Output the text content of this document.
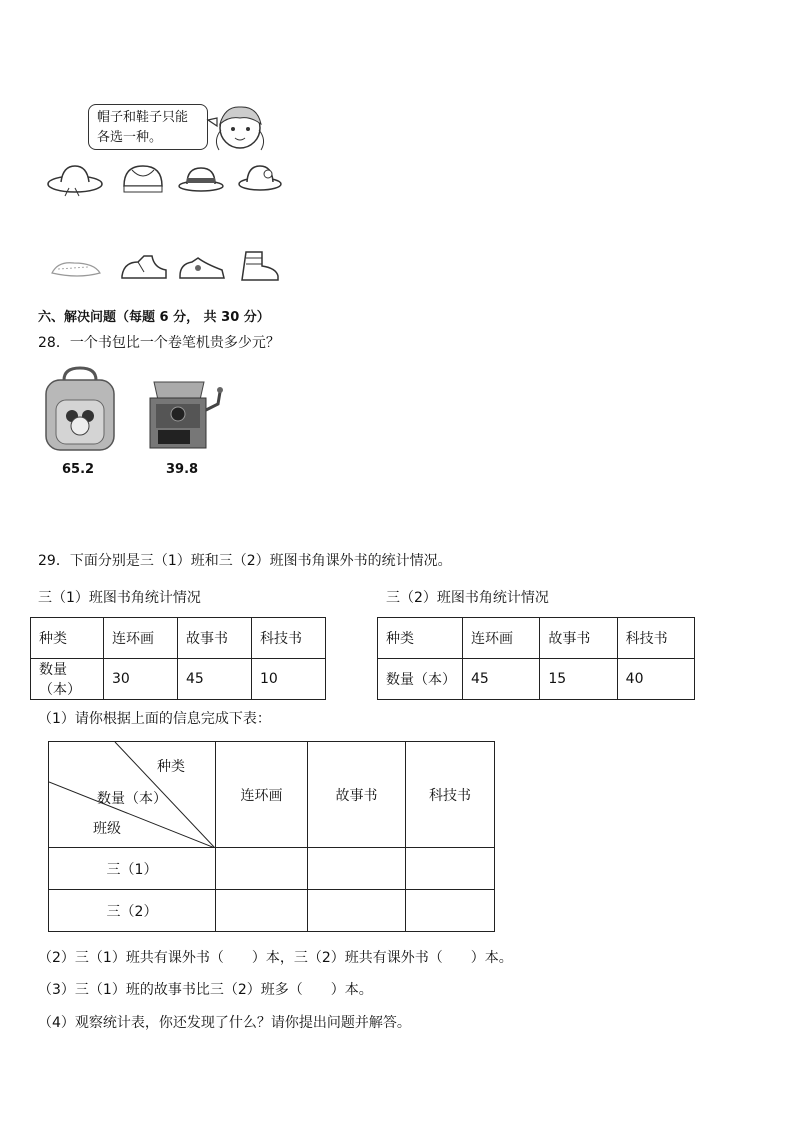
帽子和鞋子只能各选一种。
六、解决问题（每题 6 分， 共 30 分）
28．一个书包比一个卷笔机贵多少元？
65.2	39.8
29．下面分别是三（1）班和三（2）班图书角课外书的统计情况。
三（1）班图书角统计情况	三（2）班图书角统计情况
种类	连环画	故事书	科技书
数量（本）	30	45	10
种类	连环画	故事书	科技书
数量（本）	45	15	40
（1）请你根据上面的信息完成下表：
种类
数量（本）
班级	连环画	故事书	科技书
三（1）			
三（2）			
（2）三（1）班共有课外书（　　）本，三（2）班共有课外书（　　）本。
（3）三（1）班的故事书比三（2）班多（　　）本。
（4）观察统计表，你还发现了什么？请你提出问题并解答。
